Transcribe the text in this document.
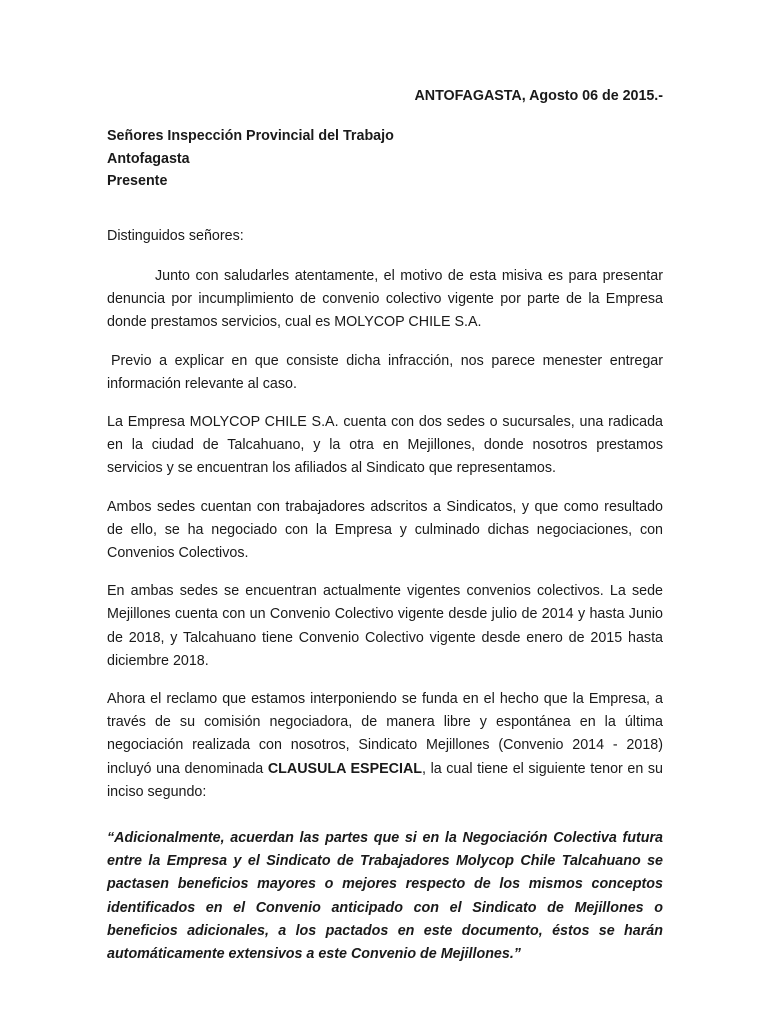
ANTOFAGASTA, Agosto 06 de 2015.-
Señores Inspección Provincial del Trabajo
Antofagasta
Presente
Distinguidos señores:

Junto con saludarles atentamente, el motivo de esta misiva es para presentar denuncia por incumplimiento de convenio colectivo vigente por parte de la Empresa donde prestamos servicios, cual es MOLYCOP CHILE S.A.

Previo a explicar en que consiste dicha infracción, nos parece menester entregar información relevante al caso.

La Empresa MOLYCOP CHILE S.A. cuenta con dos sedes o sucursales, una radicada en la ciudad de Talcahuano, y la otra en Mejillones, donde nosotros prestamos servicios y se encuentran los afiliados al Sindicato que representamos.

Ambos sedes cuentan con trabajadores adscritos a Sindicatos, y que como resultado de ello, se ha negociado con la Empresa y culminado dichas negociaciones, con Convenios Colectivos.

En ambas sedes se encuentran actualmente vigentes convenios colectivos. La sede Mejillones cuenta con un Convenio Colectivo vigente desde julio de 2014 y hasta Junio de 2018, y Talcahuano tiene Convenio Colectivo vigente desde enero de 2015 hasta diciembre 2018.

Ahora el reclamo que estamos interponiendo se funda en el hecho que la Empresa, a través de su comisión negociadora, de manera libre y espontánea en la última negociación realizada con nosotros, Sindicato Mejillones (Convenio 2014 - 2018) incluyó una denominada CLAUSULA ESPECIAL, la cual tiene el siguiente tenor en su inciso segundo:

“Adicionalmente, acuerdan las partes que si en la Negociación Colectiva futura entre la Empresa y el Sindicato de Trabajadores Molycop Chile Talcahuano se pactasen beneficios mayores o mejores respecto de los mismos conceptos identificados en el Convenio anticipado con el Sindicato de Mejillones o beneficios adicionales, a los pactados en este documento, éstos se harán automáticamente extensivos a este Convenio de Mejillones.”
